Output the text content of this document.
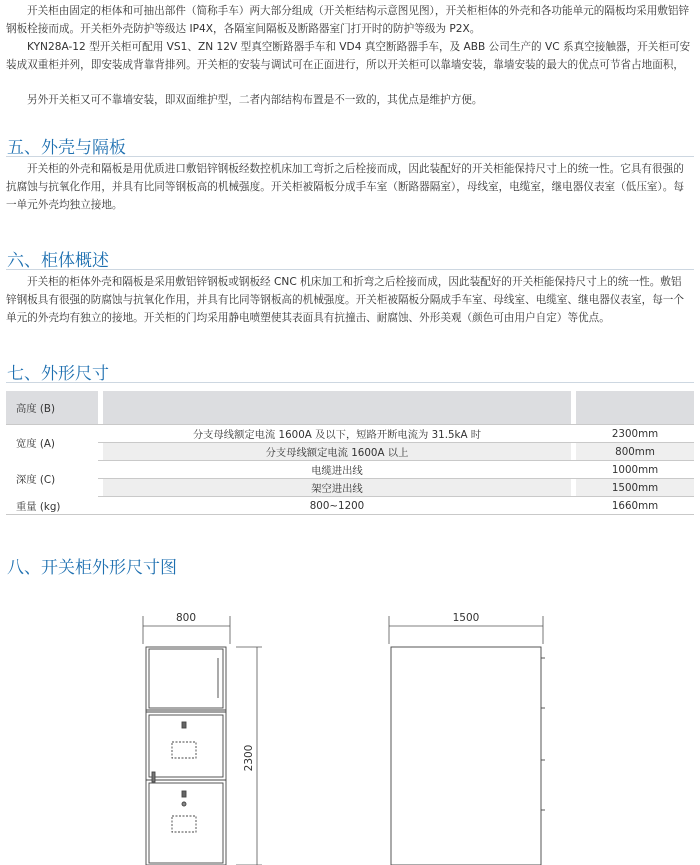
开关柜由固定的柜体和可抽出部件（简称手车）两大部分组成（开关柜结构示意图见图），开关柜柜体的外壳和各功能单元的隔板均采用敷铝锌钢板栓接而成。开关柜外壳防护等级达 IP4X，各隔室间隔板及断路器室门打开时的防护等级为 P2X。

KYN28A-12 型开关柜可配用 VS1、ZN 12V 型真空断路器手车和 VD4 真空断路器手车，及 ABB 公司生产的 VC 系真空接触器，开关柜可安装成双重柜并列，即安装成背靠背排列。开关柜的安装与调试可在正面进行，所以开关柜可以靠墙安装，靠墙安装的最大的优点可节省占地面积，

另外开关柜又可不靠墙安装，即双面维护型，二者内部结构布置是不一致的，其优点是维护方便。

五、外壳与隔板

开关柜的外壳和隔板是用优质进口敷铝锌钢板经数控机床加工弯折之后栓接而成，因此装配好的开关柜能保持尺寸上的统一性。它具有很强的抗腐蚀与抗氧化作用，并具有比同等钢板高的机械强度。开关柜被隔板分成手车室（断路器隔室），母线室，电缆室，继电器仪表室（低压室）。每一单元外壳均独立接地。

六、柜体概述

开关柜的柜体外壳和隔板是采用敷铝锌钢板或钢板经 CNC 机床加工和折弯之后栓接而成，因此装配好的开关柜能保持尺寸上的统一性。敷铝锌钢板具有很强的防腐蚀与抗氧化作用，并具有比同等钢板高的机械强度。开关柜被隔板分隔成手车室、母线室、电缆室、继电器仪表室，每一个单元的外壳均有独立的接地。开关柜的门均采用静电喷塑使其表面具有抗撞击、耐腐蚀、外形美观（颜色可由用户自定）等优点。

七、外形尺寸
高度 (B)				
宽度 (A)		分支母线额定电流 1600A 及以下，短路开断电流为 31.5kA 时		2300mm
		分支母线额定电流 1600A 以上		800mm
深度 (C)		电缆进出线		1000mm
		架空进出线		1500mm
重量 (kg)		800~1200		1660mm
八、开关柜外形尺寸图
800	1500
2300
